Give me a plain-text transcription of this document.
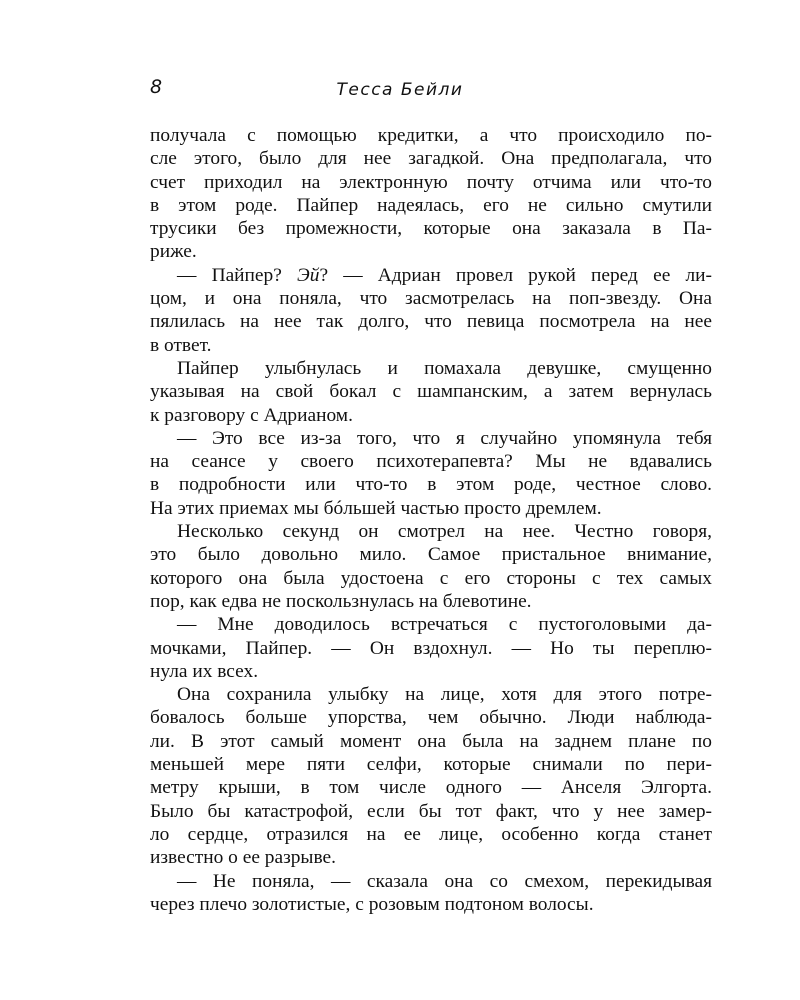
8	Тесса Бейли
получала с помощью кредитки, а что происходило по-
сле этого, было для нее загадкой. Она предполагала, что
счет приходил на электронную почту отчима или что-то
в этом роде. Пайпер надеялась, его не сильно смутили
трусики без промежности, которые она заказала в Па-
риже.
— Пайпер? Эй? — Адриан провел рукой перед ее ли-
цом, и она поняла, что засмотрелась на поп-звезду. Она
пялилась на нее так долго, что певица посмотрела на нее
в ответ.
Пайпер улыбнулась и помахала девушке, смущенно
указывая на свой бокал с шампанским, а затем вернулась
к разговору с Адрианом.
— Это все из-за того, что я случайно упомянула тебя
на сеансе у своего психотерапевта? Мы не вдавались
в подробности или что-то в этом роде, честное слово.
На этих приемах мы бóльшей частью просто дремлем.
Несколько секунд он смотрел на нее. Честно говоря,
это было довольно мило. Самое пристальное внимание,
которого она была удостоена с его стороны с тех самых
пор, как едва не поскользнулась на блевотине.
— Мне доводилось встречаться с пустоголовыми да-
мочками, Пайпер. — Он вздохнул. — Но ты переплю-
нула их всех.
Она сохранила улыбку на лице, хотя для этого потре-
бовалось больше упорства, чем обычно. Люди наблюда-
ли. В этот самый момент она была на заднем плане по
меньшей мере пяти селфи, которые снимали по пери-
метру крыши, в том числе одного — Анселя Элгорта.
Было бы катастрофой, если бы тот факт, что у нее замер-
ло сердце, отразился на ее лице, особенно когда станет
известно о ее разрыве.
— Не поняла, — сказала она со смехом, перекидывая
через плечо золотистые, с розовым подтоном волосы.
